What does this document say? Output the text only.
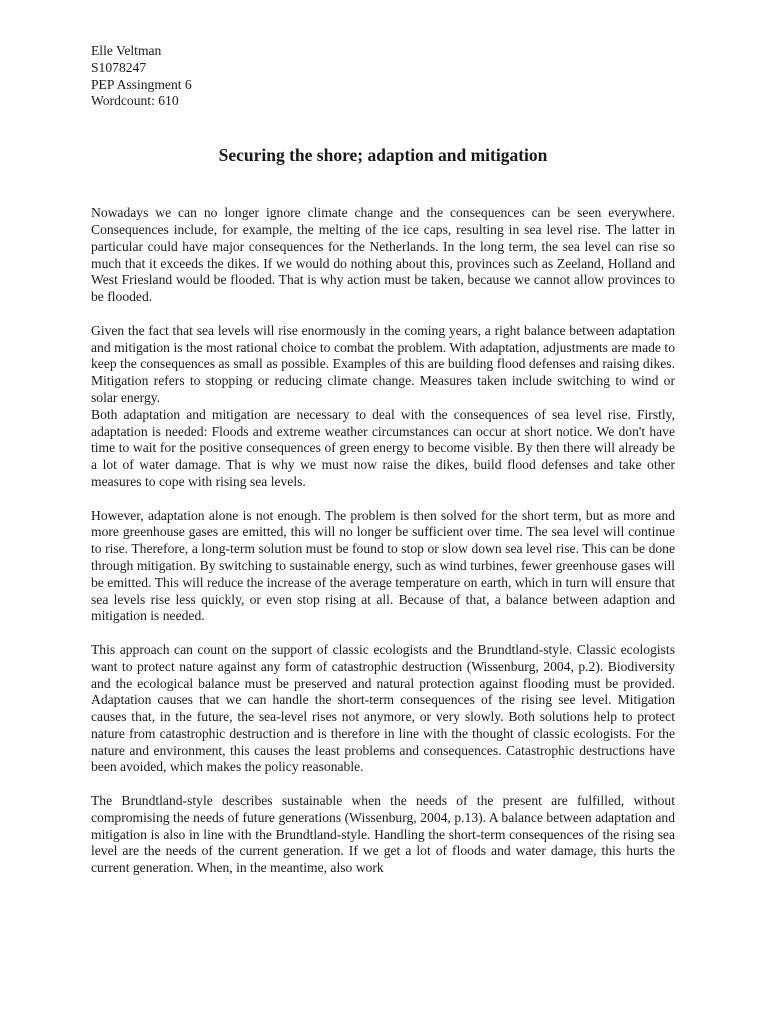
Elle Veltman

S1078247

PEP Assingment 6

Wordcount: 610

Securing the shore; adaption and mitigation

Nowadays we can no longer ignore climate change and the consequences can be seen everywhere. Consequences include, for example, the melting of the ice caps, resulting in sea level rise. The latter in particular could have major consequences for the Netherlands. In the long term, the sea level can rise so much that it exceeds the dikes. If we would do nothing about this, provinces such as Zeeland, Holland and West Friesland would be flooded. That is why action must be taken, because we cannot allow provinces to be flooded.

Given the fact that sea levels will rise enormously in the coming years, a right balance between adaptation and mitigation is the most rational choice to combat the problem. With adaptation, adjustments are made to keep the consequences as small as possible. Examples of this are building flood defenses and raising dikes. Mitigation refers to stopping or reducing climate change. Measures taken include switching to wind or solar energy.

Both adaptation and mitigation are necessary to deal with the consequences of sea level rise. Firstly, adaptation is needed: Floods and extreme weather circumstances can occur at short notice. We don't have time to wait for the positive consequences of green energy to become visible. By then there will already be a lot of water damage. That is why we must now raise the dikes, build flood defenses and take other measures to cope with rising sea levels.

However, adaptation alone is not enough. The problem is then solved for the short term, but as more and more greenhouse gases are emitted, this will no longer be sufficient over time. The sea level will continue to rise. Therefore, a long-term solution must be found to stop or slow down sea level rise. This can be done through mitigation. By switching to sustainable energy, such as wind turbines, fewer greenhouse gases will be emitted. This will reduce the increase of the average temperature on earth, which in turn will ensure that sea levels rise less quickly, or even stop rising at all. Because of that, a balance between adaption and mitigation is needed.

This approach can count on the support of classic ecologists and the Brundtland-style. Classic ecologists want to protect nature against any form of catastrophic destruction (Wissenburg, 2004, p.2). Biodiversity and the ecological balance must be preserved and natural protection against flooding must be provided. Adaptation causes that we can handle the short-term consequences of the rising see level. Mitigation causes that, in the future, the sea-level rises not anymore, or very slowly. Both solutions help to protect nature from catastrophic destruction and is therefore in line with the thought of classic ecologists. For the nature and environment, this causes the least problems and consequences. Catastrophic destructions have been avoided, which makes the policy reasonable.

The Brundtland-style describes sustainable when the needs of the present are fulfilled, without compromising the needs of future generations (Wissenburg, 2004, p.13). A balance between adaptation and mitigation is also in line with the Brundtland-style. Handling the short-term consequences of the rising sea level are the needs of the current generation. If we get a lot of floods and water damage, this hurts the current generation. When, in the meantime, also work
